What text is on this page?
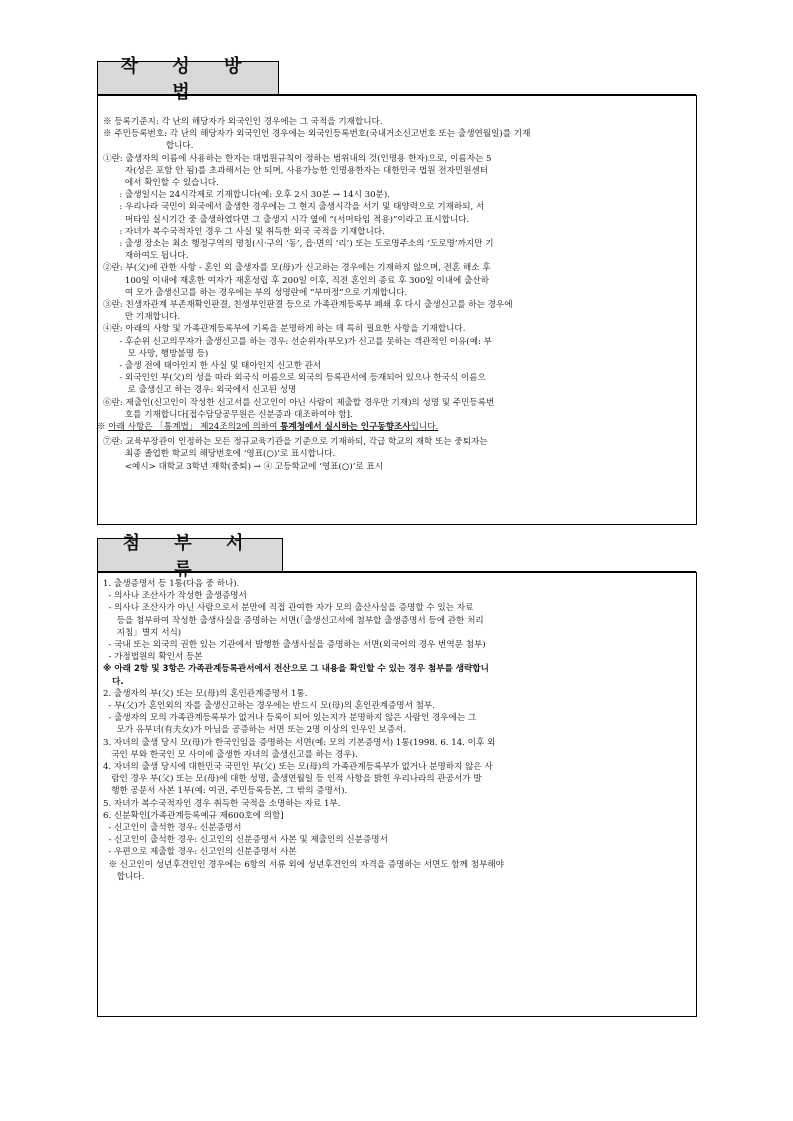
작 성 방 법
※ 등록기준지: 각 난의 해당자가 외국인인 경우에는 그 국적을 기재합니다.
※ 주민등록번호: 각 난의 해당자가 외국인인 경우에는 외국인등록번호(국내거소신고번호 또는 출생연월일)를 기재
합니다.
①란: 출생자의 이름에 사용하는 한자는 대법원규칙이 정하는 범위내의 것(인명용 한자)으로, 이름자는 5
자(성은 포함 안 됨)를 초과해서는 안 되며, 사용가능한 인명용한자는 대한민국 법원 전자민원센터
에서 확인할 수 있습니다.
: 출생일시는 24시각제로 기재합니다(예: 오후 2시 30분 → 14시 30분).
: 우리나라 국민이 외국에서 출생한 경우에는 그 현지 출생시각을 서기 및 태양력으로 기재하되, 서
머타임 실시기간 중 출생하였다면 그 출생지 시각 옆에 “(서머타임 적용)”이라고 표시합니다.
: 자녀가 복수국적자인 경우 그 사실 및 취득한 외국 국적을 기재합니다.
: 출생 장소는 최소 행정구역의 명칭(시·구의 ‘동’, 읍·면의 ‘리’) 또는 도로명주소의 ‘도로명’까지만 기
재하여도 됩니다.
②란: 부(父)에 관한 사항 - 혼인 외 출생자를 모(母)가 신고하는 경우에는 기재하지 않으며, 전혼 해소 후
100일 이내에 재혼한 여자가 재혼성립 후 200일 이후, 직전 혼인의 종료 후 300일 이내에 출산하
여 모가 출생신고를 하는 경우에는 부의 성명란에 “부미정”으로 기재합니다.
③란: 친생자관계 부존재확인판결, 친생부인판결 등으로 가족관계등록부 폐쇄 후 다시 출생신고를 하는 경우에
만 기재합니다.
④란: 아래의 사항 및 가족관계등록부에 기록을 분명하게 하는 데 특히 필요한 사항을 기재합니다.
- 후순위 신고의무자가 출생신고를 하는 경우: 선순위자(부모)가 신고를 못하는 객관적인 이유(예: 부
모 사망, 행방불명 등)
- 출생 전에 태아인지 한 사실 및 태아인지 신고한 관서
- 외국인인 부(父)의 성을 따라 외국식 이름으로 외국의 등록관서에 등재되어 있으나 한국식 이름으
로 출생신고 하는 경우: 외국에서 신고된 성명
⑥란: 제출인(신고인이 작성한 신고서를 신고인이 아닌 사람이 제출할 경우만 기재)의 성명 및 주민등록번
호를 기재합니다[접수담당공무원은 신분증과 대조하여야 함].
※ 아래 사항은 「통계법」 제24조의2에 의하여 통계청에서 실시하는 인구동향조사입니다.
⑦란: 교육부장관이 인정하는 모든 정규교육기관을 기준으로 기재하되, 각급 학교의 재학 또는 중퇴자는
최종 졸업한 학교의 해당번호에 ‘영표(○)’로 표시합니다.
<예시> 대학교 3학년 재학(중퇴) → ④ 고등학교에 ‘영표(○)’로 표시
첨 부 서 류
1. 출생증명서 등 1통(다음 중 하나).
- 의사나 조산사가 작성한 출생증명서
- 의사나 조산사가 아닌 사람으로서 분만에 직접 관여한 자가 모의 출산사실을 증명할 수 있는 자료
등을 첨부하여 작성한 출생사실을 증명하는 서면(「출생신고서에 첨부할 출생증명서 등에 관한 처리
지침」별지 서식)
- 국내 또는 외국의 권한 있는 기관에서 발행한 출생사실을 증명하는 서면(외국어의 경우 번역문 첨부)
- 가정법원의 확인서 등본
※ 아래 2항 및 3항은 가족관계등록관서에서 전산으로 그 내용을 확인할 수 있는 경우 첨부를 생략합니
다.
2. 출생자의 부(父) 또는 모(母)의 혼인관계증명서 1통.
- 부(父)가 혼인외의 자를 출생신고하는 경우에는 반드시 모(母)의 혼인관계증명서 첨부.
- 출생자의 모의 가족관계등록부가 없거나 등록이 되어 있는지가 분명하지 않은 사람인 경우에는 그
모가 유부녀(有夫女)가 아님을 공증하는 서면 또는 2명 이상의 인우인 보증서.
3. 자녀의 출생 당시 모(母)가 한국인임을 증명하는 서면(예: 모의 기본증명서) 1통(1998. 6. 14. 이후 외
국인 부와 한국인 모 사이에 출생한 자녀의 출생신고를 하는 경우).
4. 자녀의 출생 당시에 대한민국 국민인 부(父) 또는 모(母)의 가족관계등록부가 없거나 분명하지 않은 사
람인 경우 부(父) 또는 모(母)에 대한 성명, 출생연월일 등 인적 사항을 밝힌 우리나라의 관공서가 발
행한 공문서 사본 1부(예: 여권, 주민등록등본, 그 밖의 증명서).
5. 자녀가 복수국적자인 경우 취득한 국적을 소명하는 자료 1부.
6. 신분확인[가족관계등록예규 제600호에 의함]
- 신고인이 출석한 경우: 신분증명서
- 신고인이 출석한 경우: 신고인의 신분증명서 사본 및 제출인의 신분증명서
- 우편으로 제출할 경우: 신고인의 신분증명서 사본
※ 신고인이 성년후견인인 경우에는 6항의 서류 외에 성년후견인의 자격을 증명하는 서면도 함께 첨부해야
합니다.
